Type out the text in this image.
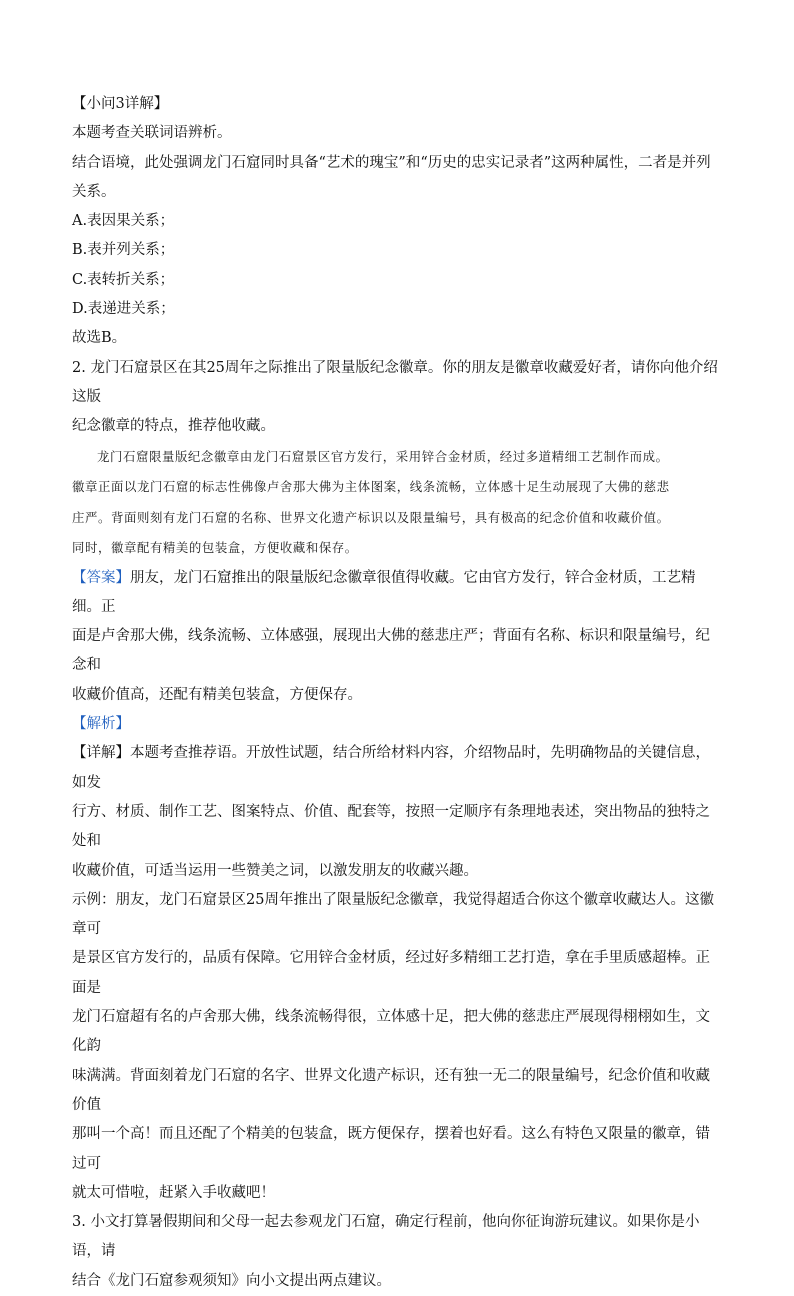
【小问3详解】

本题考查关联词语辨析。

结合语境，此处强调龙门石窟同时具备“艺术的瑰宝”和“历史的忠实记录者”这两种属性，二者是并列

关系。

A.表因果关系；

B.表并列关系；

C.表转折关系；

D.表递进关系；

故选B。

2. 龙门石窟景区在其25周年之际推出了限量版纪念徽章。你的朋友是徽章收藏爱好者，请你向他介绍这版

纪念徽章的特点，推荐他收藏。

龙门石窟限量版纪念徽章由龙门石窟景区官方发行，采用锌合金材质，经过多道精细工艺制作而成。

徽章正面以龙门石窟的标志性佛像卢舍那大佛为主体图案，线条流畅，立体感十足生动展现了大佛的慈悲

庄严。背面则刻有龙门石窟的名称、世界文化遗产标识以及限量编号，具有极高的纪念价值和收藏价值。

同时，徽章配有精美的包装盒，方便收藏和保存。

【答案】朋友，龙门石窟推出的限量版纪念徽章很值得收藏。它由官方发行，锌合金材质，工艺精细。正

面是卢舍那大佛，线条流畅、立体感强，展现出大佛的慈悲庄严；背面有名称、标识和限量编号，纪念和

收藏价值高，还配有精美包装盒，方便保存。

【解析】

【详解】本题考查推荐语。开放性试题，结合所给材料内容，介绍物品时，先明确物品的关键信息，如发

行方、材质、制作工艺、图案特点、价值、配套等，按照一定顺序有条理地表述，突出物品的独特之处和

收藏价值，可适当运用一些赞美之词，以激发朋友的收藏兴趣。

示例：朋友，龙门石窟景区25周年推出了限量版纪念徽章，我觉得超适合你这个徽章收藏达人。这徽章可

是景区官方发行的，品质有保障。它用锌合金材质，经过好多精细工艺打造，拿在手里质感超棒。正面是

龙门石窟超有名的卢舍那大佛，线条流畅得很，立体感十足，把大佛的慈悲庄严展现得栩栩如生，文化韵

味满满。背面刻着龙门石窟的名字、世界文化遗产标识，还有独一无二的限量编号，纪念价值和收藏价值

那叫一个高！而且还配了个精美的包装盒，既方便保存，摆着也好看。这么有特色又限量的徽章，错过可

就太可惜啦，赶紧入手收藏吧！

3. 小文打算暑假期间和父母一起去参观龙门石窟，确定行程前，他向你征询游玩建议。如果你是小语，请

结合《龙门石窟参观须知》向小文提出两点建议。
